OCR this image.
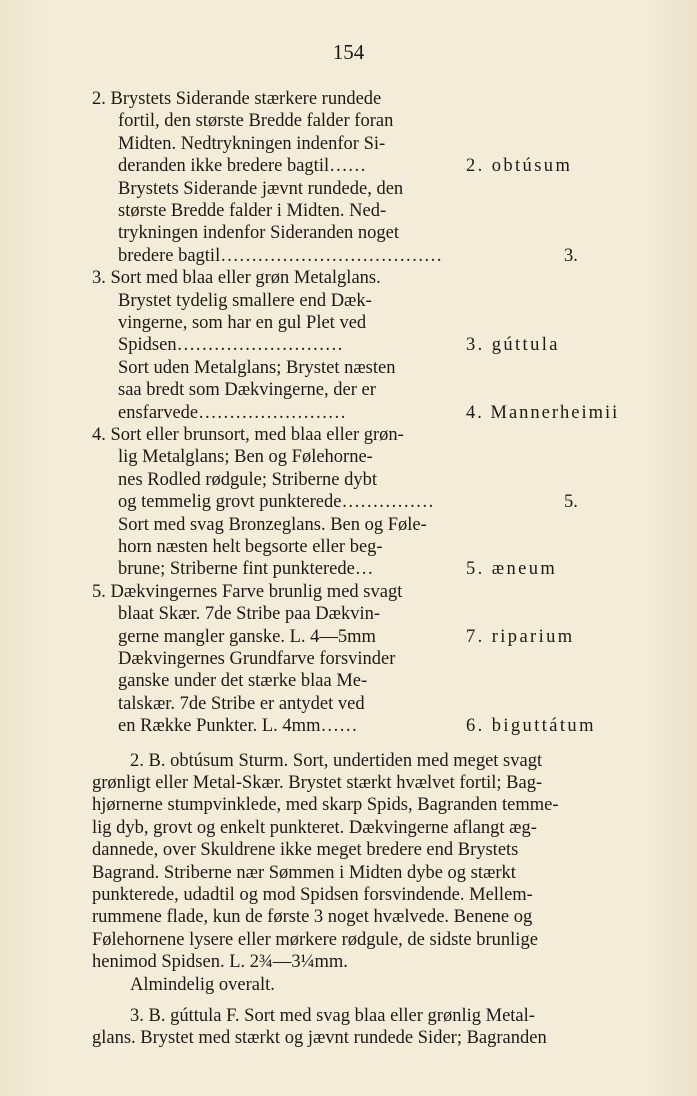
154
2. Brystets Siderande stærkere rundede
fortil, den største Bredde falder foran
Midten. Nedtrykningen indenfor Si-
deranden ikke bredere bagtil……	2. obtúsum
Brystets Siderande jævnt rundede, den
største Bredde falder i Midten. Ned-
trykningen indenfor Sideranden noget
bredere bagtil………………………………	3.
3. Sort med blaa eller grøn Metalglans.
Brystet tydelig smallere end Dæk-
vingerne, som har en gul Plet ved
Spidsen………………………	3. gúttula
Sort uden Metalglans; Brystet næsten
saa bredt som Dækvingerne, der er
ensfarvede……………………	4. Mannerheimii
4. Sort eller brunsort, med blaa eller grøn-
lig Metalglans; Ben og Følehorne-
nes Rodled rødgule; Striberne dybt
og temmelig grovt punkterede……………	5.
Sort med svag Bronzeglans. Ben og Føle-
horn næsten helt begsorte eller beg-
brune; Striberne fint punkterede…	5. æneum
5. Dækvingernes Farve brunlig med svagt
blaat Skær. 7de Stribe paa Dækvin-
gerne mangler ganske. L. 4—5mm	7. riparium
Dækvingernes Grundfarve forsvinder
ganske under det stærke blaa Me-
talskær. 7de Stribe er antydet ved
en Række Punkter. L. 4mm……	6. biguttátum
2. B. obtúsum Sturm. Sort, undertiden med meget svagt
grønligt eller Metal-Skær. Brystet stærkt hvælvet fortil; Bag-
hjørnerne stumpvinklede, med skarp Spids, Bagranden temme-
lig dyb, grovt og enkelt punkteret. Dækvingerne aflangt æg-
dannede, over Skuldrene ikke meget bredere end Brystets
Bagrand. Striberne nær Sømmen i Midten dybe og stærkt
punkterede, udadtil og mod Spidsen forsvindende. Mellem-
rummene flade, kun de første 3 noget hvælvede. Benene og
Følehornene lysere eller mørkere rødgule, de sidste brunlige
henimod Spidsen. L. 2¾—3¼mm.
Almindelig overalt.
3. B. gúttula F. Sort med svag blaa eller grønlig Metal-
glans. Brystet med stærkt og jævnt rundede Sider; Bagranden
